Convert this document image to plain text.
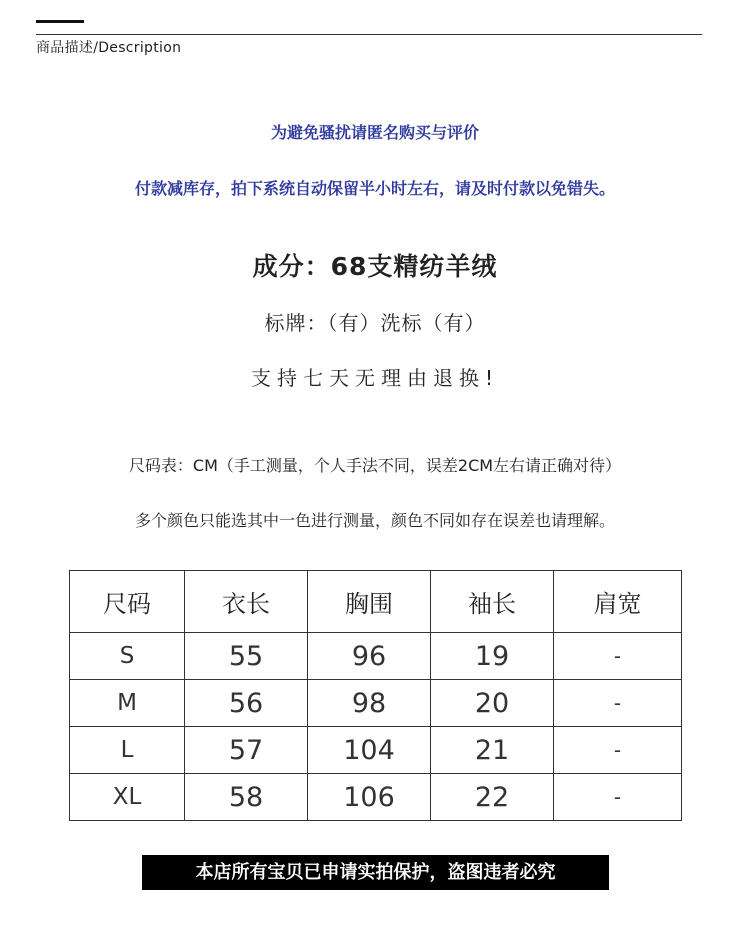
商品描述/Description
为避免骚扰请匿名购买与评价
付款减库存，拍下系统自动保留半小时左右，请及时付款以免错失。
成分：68支精纺羊绒
标牌：（有）洗标（有）
支持七天无理由退换!
尺码表：CM（手工测量，个人手法不同，误差2CM左右请正确对待）
多个颜色只能选其中一色进行测量，颜色不同如存在误差也请理解。
尺码	衣长	胸围	袖长	肩宽
S	55	96	19	-
M	56	98	20	-
L	57	104	21	-
XL	58	106	22	-
本店所有宝贝已申请实拍保护，盗图违者必究
